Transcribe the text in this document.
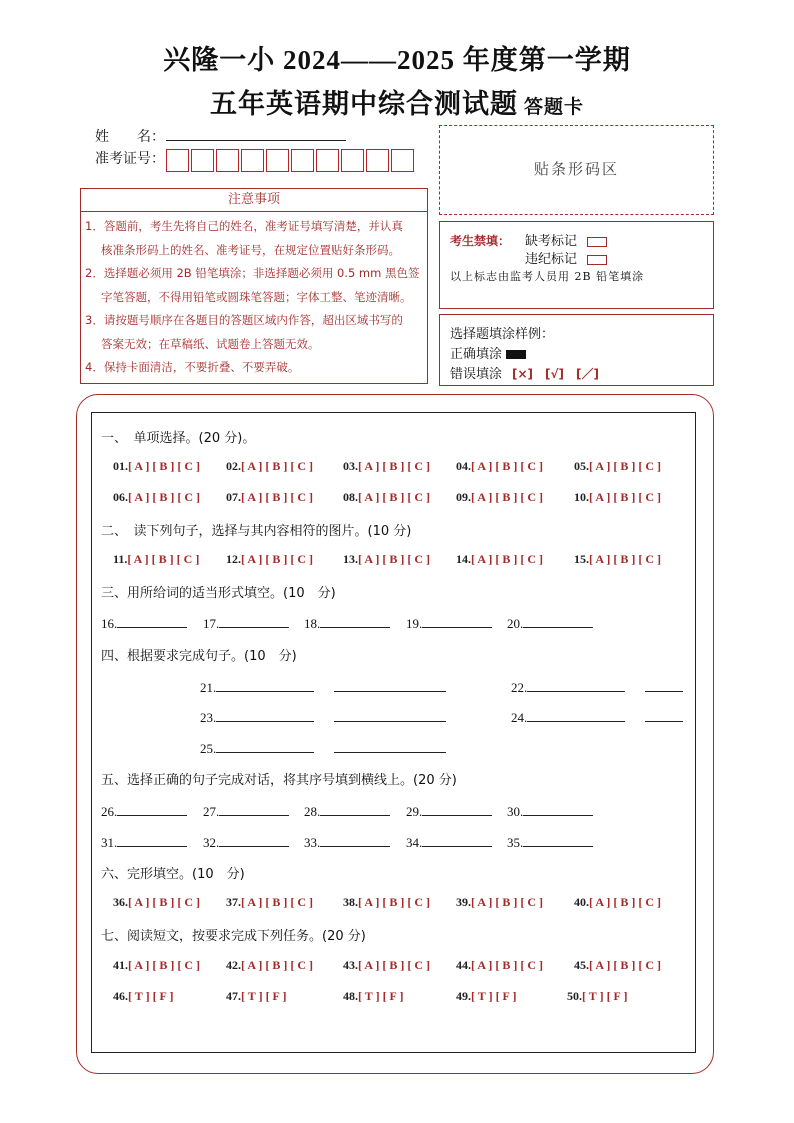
兴隆一小 2024——2025 年度第一学期
五年英语期中综合测试题 答题卡
姓　　名：
准考证号：
贴条形码区
注意事项
1．答题前，考生先将自己的姓名，准考证号填写清楚，并认真
核准条形码上的姓名、准考证号，在规定位置贴好条形码。
2．选择题必须用 2B 铅笔填涂；非选择题必须用 0.5 mm 黑色签
字笔答题，不得用铅笔或圆珠笔答题；字体工整、笔迹清晰。
3．请按题号顺序在各题目的答题区域内作答，超出区域书写的
答案无效；在草稿纸、试题卷上答题无效。
4．保持卡面清洁，不要折叠、不要弄破。
考生禁填： 缺考标记
违纪标记
以上标志由监考人员用 2B 铅笔填涂
选择题填涂样例：
正确填涂
错误填涂 [×]　[√]　[／]
一、　单项选择。(20 分)。
01.[ A ] [ B ] [ C ] 02.[ A ] [ B ] [ C ]	03.[ A ] [ B ] [ C ] 04.[ A ] [ B ] [ C ]	05.[ A ] [ B ] [ C ]
06.[ A ] [ B ] [ C ] 07.[ A ] [ B ] [ C ]	08.[ A ] [ B ] [ C ] 09.[ A ] [ B ] [ C ]	10.[ A ] [ B ] [ C ]
二、　读下列句子，选择与其内容相符的图片。(10 分)
11.[ A ] [ B ] [ C ] 12.[ A ] [ B ] [ C ]	13.[ A ] [ B ] [ C ] 14.[ A ] [ B ] [ C ]	15.[ A ] [ B ] [ C ]
三、用所给词的适当形式填空。(10　分)
16.	17.	18.	19.	20.
四、根据要求完成句子。(10　分)
21.	22.
23.	24.
25.
五、选择正确的句子完成对话，将其序号填到横线上。(20 分)
26.	27.	28.	29.	30.
31.	32.	33.	34.	35.
六、完形填空。(10　分)
36.[ A ] [ B ] [ C ] 37.[ A ] [ B ] [ C ]	38.[ A ] [ B ] [ C ] 39.[ A ] [ B ] [ C ]	40.[ A ] [ B ] [ C ]
七、阅读短文，按要求完成下列任务。(20 分)
41.[ A ] [ B ] [ C ] 42.[ A ] [ B ] [ C ]	43.[ A ] [ B ] [ C ] 44.[ A ] [ B ] [ C ]	45.[ A ] [ B ] [ C ]
46.[ T ] [ F ]	47.[ T ] [ F ]	48.[ T ] [ F ]	49.[ T ] [ F ]	50.[ T ] [ F ]
